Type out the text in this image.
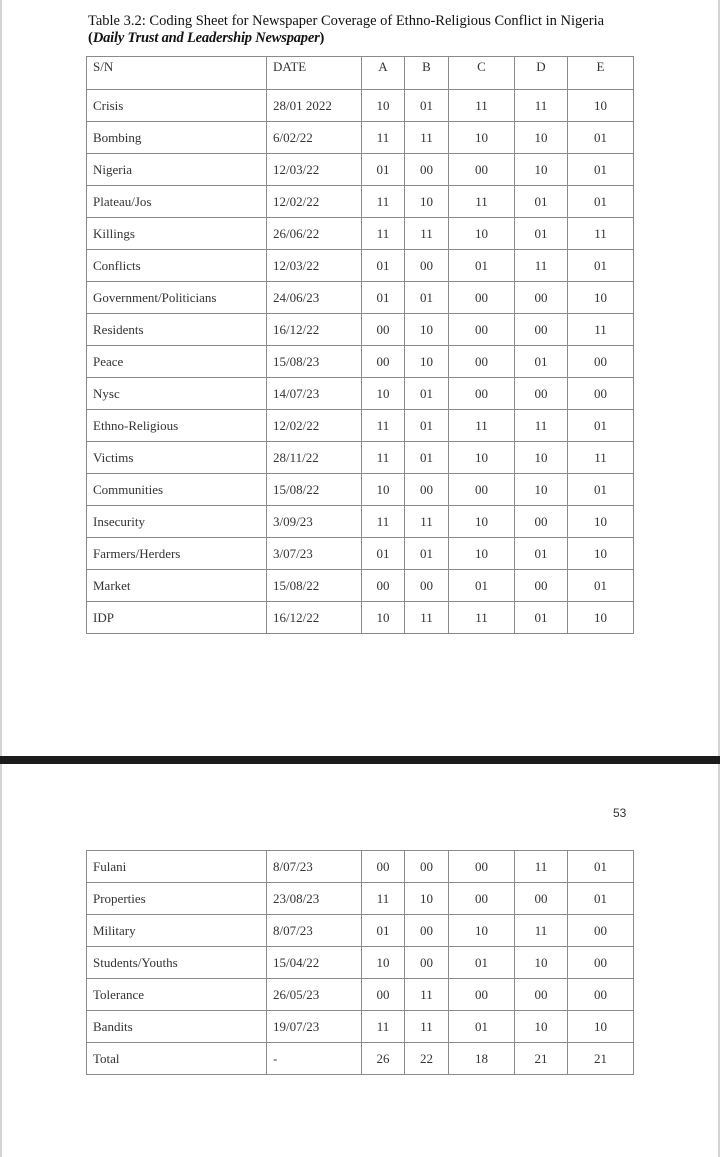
Table 3.2: Coding Sheet for Newspaper Coverage of Ethno-Religious Conflict in Nigeria
(Daily Trust and Leadership Newspaper)
53
S/N	DATE	A	B	C	D	E
Crisis	28/01 2022	10	01	11	11	10
Bombing	6/02/22	11	11	10	10	01
Nigeria	12/03/22	01	00	00	10	01
Plateau/Jos	12/02/22	11	10	11	01	01
Killings	26/06/22	11	11	10	01	11
Conflicts	12/03/22	01	00	01	11	01
Government/Politicians	24/06/23	01	01	00	00	10
Residents	16/12/22	00	10	00	00	11
Peace	15/08/23	00	10	00	01	00
Nysc	14/07/23	10	01	00	00	00
Ethno-Religious	12/02/22	11	01	11	11	01
Victims	28/11/22	11	01	10	10	11
Communities	15/08/22	10	00	00	10	01
Insecurity	3/09/23	11	11	10	00	10
Farmers/Herders	3/07/23	01	01	10	01	10
Market	15/08/22	00	00	01	00	01
IDP	16/12/22	10	11	11	01	10
Fulani	8/07/23	00	00	00	11	01
Properties	23/08/23	11	10	00	00	01
Military	8/07/23	01	00	10	11	00
Students/Youths	15/04/22	10	00	01	10	00
Tolerance	26/05/23	00	11	00	00	00
Bandits	19/07/23	11	11	01	10	10
Total	-	26	22	18	21	21
